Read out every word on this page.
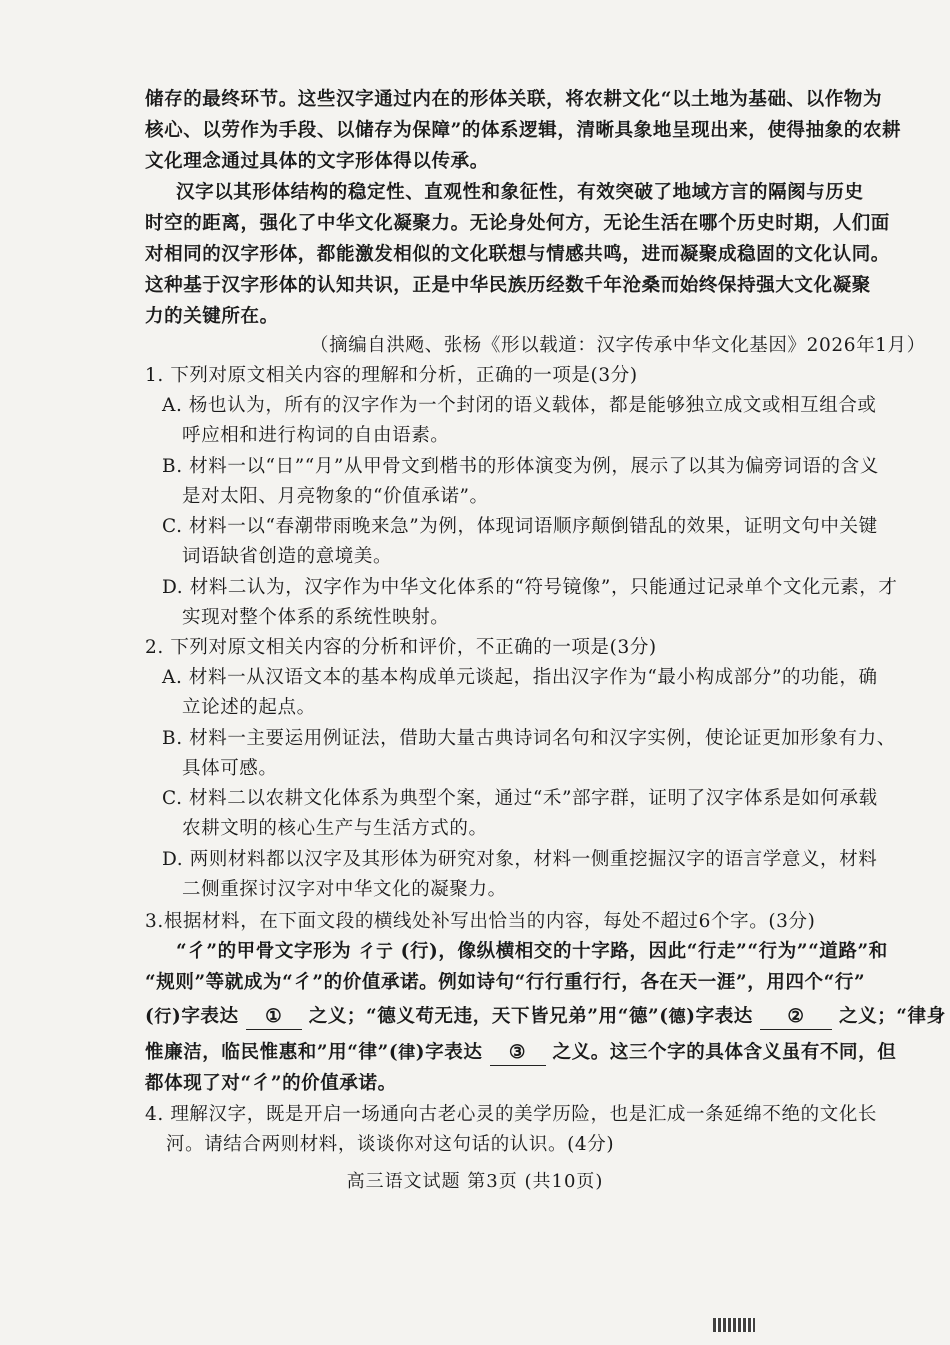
储存的最终环节。这些汉字通过内在的形体关联，将农耕文化“以土地为基础、以作物为
核心、以劳作为手段、以储存为保障”的体系逻辑，清晰具象地呈现出来，使得抽象的农耕
文化理念通过具体的文字形体得以传承。
汉字以其形体结构的稳定性、直观性和象征性，有效突破了地域方言的隔阂与历史
时空的距离，强化了中华文化凝聚力。无论身处何方，无论生活在哪个历史时期，人们面
对相同的汉字形体，都能激发相似的文化联想与情感共鸣，进而凝聚成稳固的文化认同。
这种基于汉字形体的认知共识，正是中华民族历经数千年沧桑而始终保持强大文化凝聚
力的关键所在。
（摘编自洪飏、张杨《形以载道：汉字传承中华文化基因》2026年1月）
1. 下列对原文相关内容的理解和分析，正确的一项是(3分)
A. 杨也认为，所有的汉字作为一个封闭的语义载体，都是能够独立成文或相互组合或
呼应相和进行构词的自由语素。
B. 材料一以“日”“月”从甲骨文到楷书的形体演变为例，展示了以其为偏旁词语的含义
是对太阳、月亮物象的“价值承诺”。
C. 材料一以“春潮带雨晚来急”为例，体现词语顺序颠倒错乱的效果，证明文句中关键
词语缺省创造的意境美。
D. 材料二认为，汉字作为中华文化体系的“符号镜像”，只能通过记录单个文化元素，才
实现对整个体系的系统性映射。
2. 下列对原文相关内容的分析和评价，不正确的一项是(3分)
A. 材料一从汉语文本的基本构成单元谈起，指出汉字作为“最小构成部分”的功能，确
立论述的起点。
B. 材料一主要运用例证法，借助大量古典诗词名句和汉字实例，使论证更加形象有力、
具体可感。
C. 材料二以农耕文化体系为典型个案，通过“禾”部字群，证明了汉字体系是如何承载
农耕文明的核心生产与生活方式的。
D. 两则材料都以汉字及其形体为研究对象，材料一侧重挖掘汉字的语言学意义，材料
二侧重探讨汉字对中华文化的凝聚力。
3.根据材料，在下面文段的横线处补写出恰当的内容，每处不超过6个字。(3分)
“彳”的甲骨文字形为 彳亍 (行)，像纵横相交的十字路，因此“行走”“行为”“道路”和
“规则”等就成为“彳”的价值承诺。例如诗句“行行重行行，各在天一涯”，用四个“行”
(行)字表达 ① 之义；“德义苟无违，天下皆兄弟”用“德”(德)字表达 ② 之义；“律身
惟廉洁，临民惟惠和”用“律”(律)字表达 ③ 之义。这三个字的具体含义虽有不同，但
都体现了对“彳”的价值承诺。
4. 理解汉字，既是开启一场通向古老心灵的美学历险，也是汇成一条延绵不绝的文化长
河。请结合两则材料，谈谈你对这句话的认识。(4分)
高三语文试题 第3页 (共10页)
